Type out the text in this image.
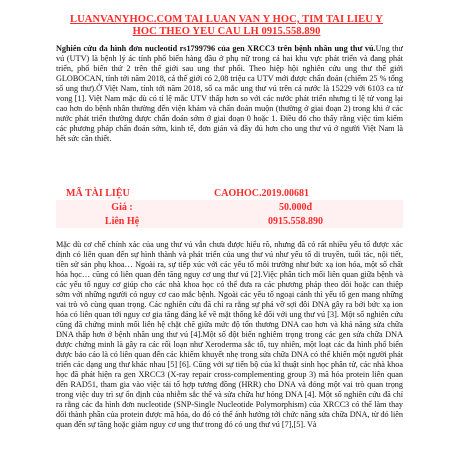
LUANVANYHOC.COM TAI LUAN VAN Y HOC, TIM TAI LIEU Y
HOC THEO YEU CAU LH 0915.558.890
Nghiên cứu đa hình đơn nucleotid rs1799796 của gen XRCC3 trên bệnh nhân ung thư vú.Ung thư vú (UTV) là bệnh lý ác tính phổ biến hàng đầu ở phụ nữ trong cả hai khu vực phát triển và đang phát triển, phổ biến thứ 2 trên thế giới sau ung thư phổi. Theo hiệp hội nghiên cứu ung thư thế giới GLOBOCAN, tính tới năm 2018, cả thế giới có 2,08 triệu ca UTV mới được chẩn đoán (chiếm 25 % tổng số ung thư).Ở Việt Nam, tính tới năm 2018, số ca mắc ung thư vú trên cả nước là 15229 với 6103 ca tử vong [1]. Việt Nam mặc dù có tỉ lệ mắc UTV thấp hơn so với các nước phát triển nhưng tỉ lệ tử vong lại cao hơn do bệnh nhân thường đến viện khám và chẩn đoán muộn (thường ở giai đoạn 2) trong khi ở các nước phát triển thường được chẩn đoán sớm ở giai đoạn 0 hoặc 1. Điều đó cho thấy rằng việc tìm kiếm các phương pháp chẩn đoán sớm, kinh tế, đơn giản và đầy đủ hơn cho ung thư vú ở người Việt Nam là hết sức cần thiết.
MÃ TÀI LIỆU	CAOHOC.2019.00681
Giá :	50.000đ
Liên Hệ	0915.558.890

Mặc dù cơ chế chính xác của ung thư vú vẫn chưa được hiểu rõ, nhưng đã có rất nhiều yếu tố được xác định có liên quan đến sự hình thành và phát triển của ung thư vú như yếu tố di truyền, tuổi tác, nội tiết, tiền sử sản phụ khoa… Ngoài ra, sự tiếp xúc với các yếu tố môi trường như bức xạ ion hóa, một số chất hóa học… cũng có liên quan đến tăng nguy cơ ung thư vú [2].Việc phân tích mối liên quan giữa bệnh và các yếu tố nguy cơ giúp cho các nhà khoa học có thể đưa ra các phương pháp theo dõi hoặc can thiệp sớm với những người có nguy cơ cao mắc bệnh. Ngoài các yếu tố ngoại cảnh thì yếu tố gen mang những vai trò vô cùng quan trọng. Các nghiên cứu đã chỉ ra rằng sự phá vỡ sợi đôi DNA gây ra bởi bức xạ ion hóa có liên quan tới nguy cơ gia tăng đáng kể về mặt thống kê đối với ung thư vú [3]. Một số nghiên cứu cũng đã chứng minh mối liên hệ chặt chẽ giữa mức độ tổn thương DNA cao hơn và khả năng sửa chữa DNA thấp hơn ở bệnh nhân ung thư vú [4].Một số đột biến nghiêm trọng trong các gen sửa chữa DNA được chứng minh là gây ra các rối loạn như Xeroderma sắc tố, tuy nhiên, một loạt các đa hình phổ biến được báo cáo là có liên quan đến các khiếm khuyết nhẹ trong sửa chữa DNA có thể khiến một người phát triển các dạng ung thư khác nhau [5] [6]. Cũng với sự tiến bộ của kĩ thuật sinh học phân tử, các nhà khoa học đã phát hiện ra gen XRCC3 (X-ray repair cross-complementing group 3) mã hóa protein liên quan đến RAD51, tham gia vào việc tái tổ hợp tương đồng (HRR) cho DNA và đóng một vai trò quan trọng trong việc duy trì sự ổn định của nhiễm sắc thể và sửa chữa hư hỏng DNA [4]. Một số nghiên cứu đã chỉ ra rằng các đa hình đơn nucleotide (SNP-Single Nucleotide Polymorphism) của XRCC3 có thể làm thay đổi thành phần của protein được mã hóa, do đó có thể ảnh hưởng tới chức năng sửa chữa DNA, từ đó liên quan đến sự tăng hoặc giảm nguy cơ ung thư trong đó có ung thư vú [7],[5]. Và
